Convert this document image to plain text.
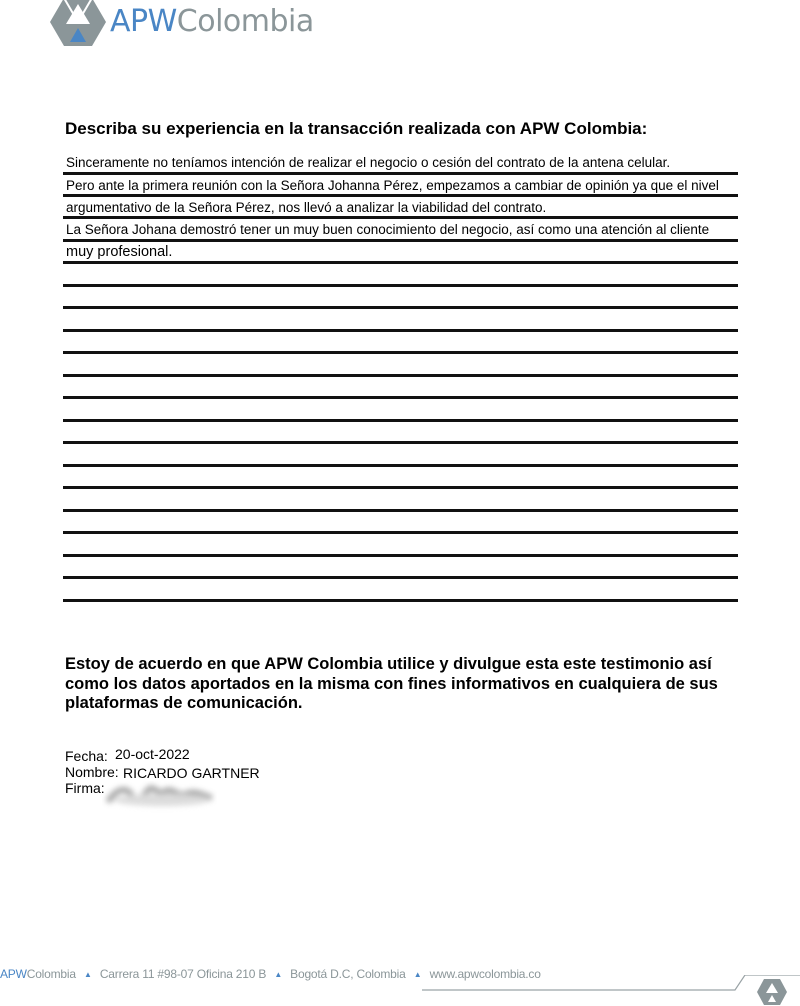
APWColombia
Describa su experiencia en la transacción realizada con APW Colombia:
Sinceramente no teníamos intención de realizar el negocio o cesión del contrato de la antena celular.
Pero ante la primera reunión con la Señora Johanna Pérez, empezamos a cambiar de opinión ya que el nivel
argumentativo de la Señora Pérez, nos llevó a analizar la viabilidad del contrato.
La Señora Johana demostró tener un muy buen conocimiento del negocio, así como una atención al cliente
muy profesional.
Estoy de acuerdo en que APW Colombia utilice y divulgue esta este testimonio así como los datos aportados en la misma con fines informativos en cualquiera de sus plataformas de comunicación.
Fecha: 20-oct-2022
Nombre: RICARDO GARTNER
Firma:
APWColombia ▲ Carrera 11 #98-07 Oficina 210 B ▲ Bogotá D.C, Colombia ▲ www.apwcolombia.co
